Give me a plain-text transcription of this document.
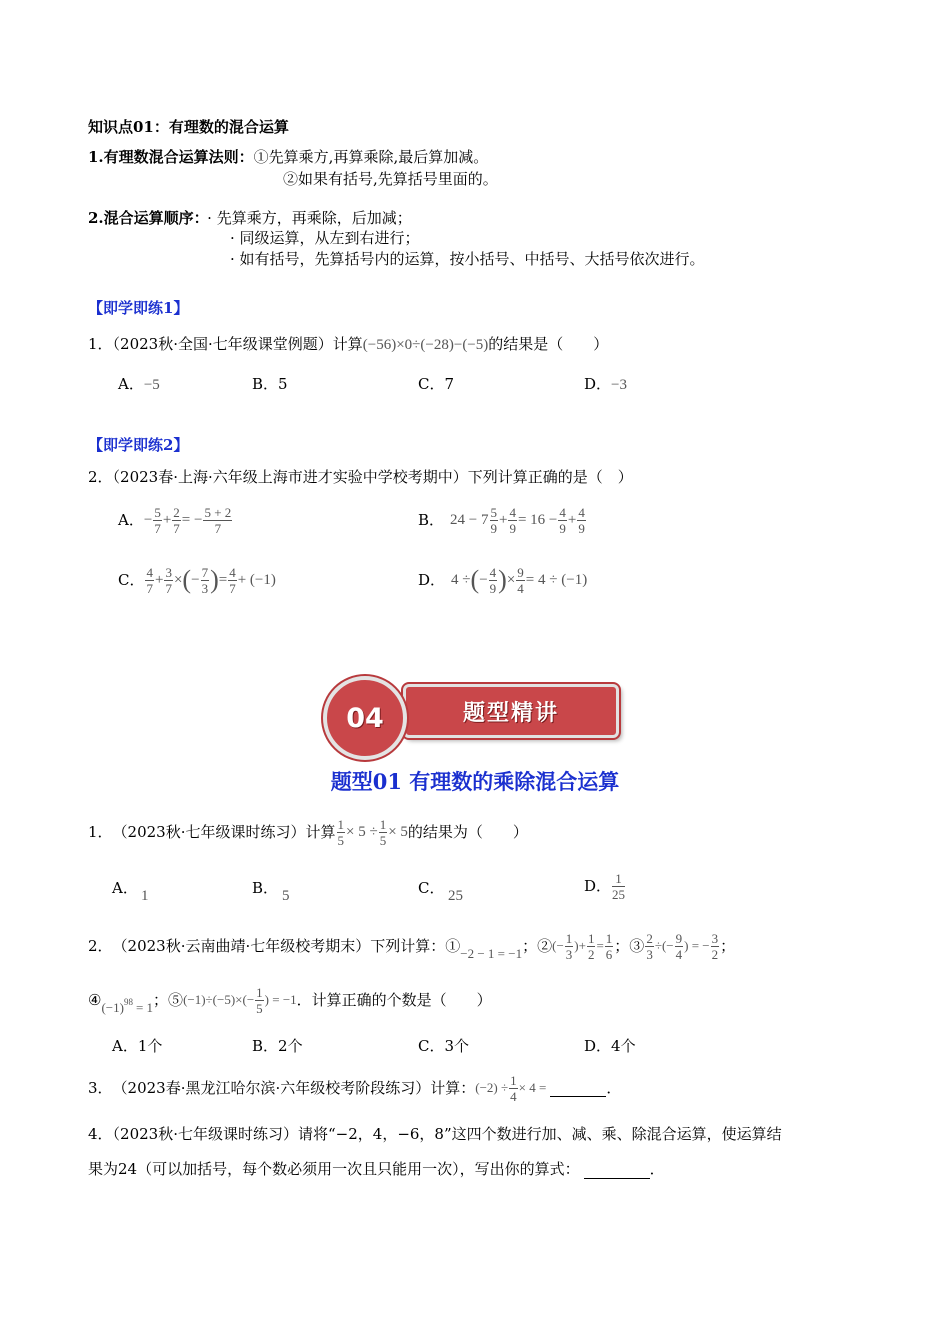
知识点01：有理数的混合运算
1.有理数混合运算法则：①先算乘方,再算乘除,最后算加减。
②如果有括号,先算括号里面的。
2.混合运算顺序： · 先算乘方，再乘除，后加减；
· 同级运算，从左到右进行；
· 如有括号，先算括号内的运算，按小括号、中括号、大括号依次进行。
【即学即练1】
1．（2023秋·全国·七年级课堂例题）计算(−56)×0÷(−28)−(−5)的结果是（　　）
A．−5	B．5	C．7	D．−3
【即学即练2】
2．（2023春·上海·六年级上海市进才实验中学校考期中）下列计算正确的是（　）
A． − $\frac{5}{7} + \frac{2}{7}$ = − $\frac{5 + 2}{7}$	B． $24 - 7 \frac{5}{9} + \frac{4}{9} = 16 - \frac{4}{9} + \frac{4}{9}$
C． $\frac{4}{7} + \frac{3}{7}$ × ( − $\frac{7}{3}$ ) = $\frac{4}{7} + (-1)$	D． 4 ÷ ( − $\frac{4}{9}$ ) × $\frac{9}{4} = 4 \div (-1)$
题型精讲
04
题型01 有理数的乘除混合运算
1． （2023秋·七年级课时练习）计算 $\frac{1}{5} \times 5 \div \frac{1}{5} \times 5$ 的结果为（　　）
A． 1	B． 5	C． 25
D． $\frac{1}{25}$
2． （2023秋·云南曲靖·七年级校考期末）下列计算：① −2 − 1 = −1 ；② (− $\frac{1}{3}$ )+ $\frac{1}{2} = \frac{1}{6}$ ；③ $\frac{2}{3}$ ÷(− $\frac{9}{4}$ ) = − $\frac{3}{2}$ ；
④ $(-1)^{98} = 1$ ；⑤ $(-1)\div(-5)\times(- \frac{1}{5}$ ) = −1 ．计算正确的个数是（　　）
A．1个	B．2个	C．3个	D．4个
3． （2023春·黑龙江哈尔滨·六年级校考阶段练习）计算： $(-2) \div \frac{1}{4} \times 4$ =	．
4．（2023秋·七年级课时练习）请将“−2，4，−6，8”这四个数进行加、减、乘、除混合运算，使运算结
果为24（可以加括号，每个数必须用一次且只能用一次），写出你的算式：	．
